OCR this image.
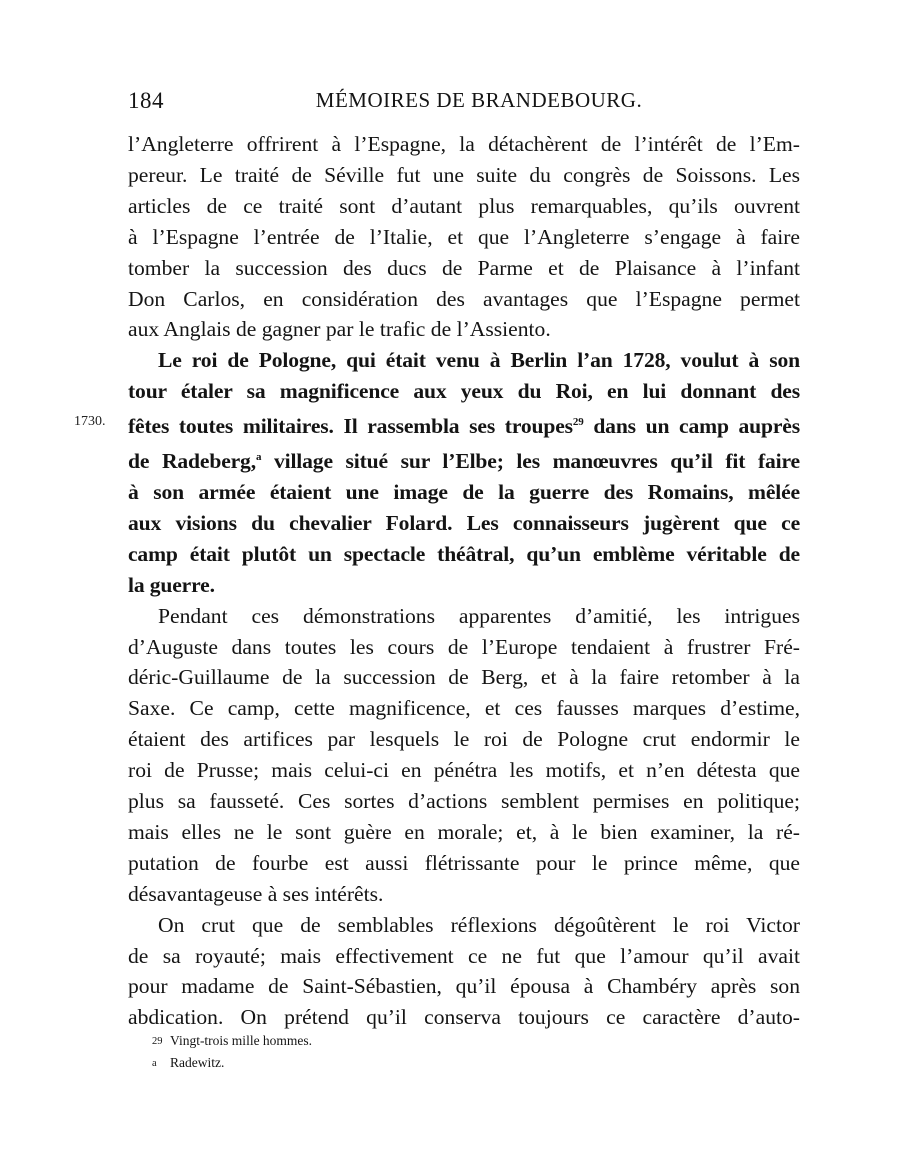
184	MÉMOIRES DE BRANDEBOURG.
1730.

l’Angleterre offrirent à l’Espagne, la détachèrent de l’intérêt de l’Em-
pereur. Le traité de Séville fut une suite du congrès de Soissons. Les
articles de ce traité sont d’autant plus remarquables, qu’ils ouvrent
à l’Espagne l’entrée de l’Italie, et que l’Angleterre s’engage à faire
tomber la succession des ducs de Parme et de Plaisance à l’infant
Don Carlos, en considération des avantages que l’Espagne permet
aux Anglais de gagner par le trafic de l’Assiento.

Le roi de Pologne, qui était venu à Berlin l’an 1728, voulut à son
tour étaler sa magnificence aux yeux du Roi, en lui donnant des
fêtes toutes militaires. Il rassembla ses troupes$^{29}$ dans un camp auprès
de Radeberg,$^a$ village situé sur l’Elbe; les manœuvres qu’il fit faire
à son armée étaient une image de la guerre des Romains, mêlée
aux visions du chevalier Folard. Les connaisseurs jugèrent que ce
camp était plutôt un spectacle théâtral, qu’un emblème véritable de
la guerre.

Pendant ces démonstrations apparentes d’amitié, les intrigues
d’Auguste dans toutes les cours de l’Europe tendaient à frustrer Fré-
déric-Guillaume de la succession de Berg, et à la faire retomber à la
Saxe. Ce camp, cette magnificence, et ces fausses marques d’estime,
étaient des artifices par lesquels le roi de Pologne crut endormir le
roi de Prusse; mais celui-ci en pénétra les motifs, et n’en détesta que
plus sa fausseté. Ces sortes d’actions semblent permises en politique;
mais elles ne le sont guère en morale; et, à le bien examiner, la ré-
putation de fourbe est aussi flétrissante pour le prince même, que
désavantageuse à ses intérêts.

On crut que de semblables réflexions dégoûtèrent le roi Victor
de sa royauté; mais effectivement ce ne fut que l’amour qu’il avait
pour madame de Saint-Sébastien, qu’il épousa à Chambéry après son
abdication. On prétend qu’il conserva toujours ce caractère d’auto-

29 Vingt-trois mille hommes.
a Radewitz.
